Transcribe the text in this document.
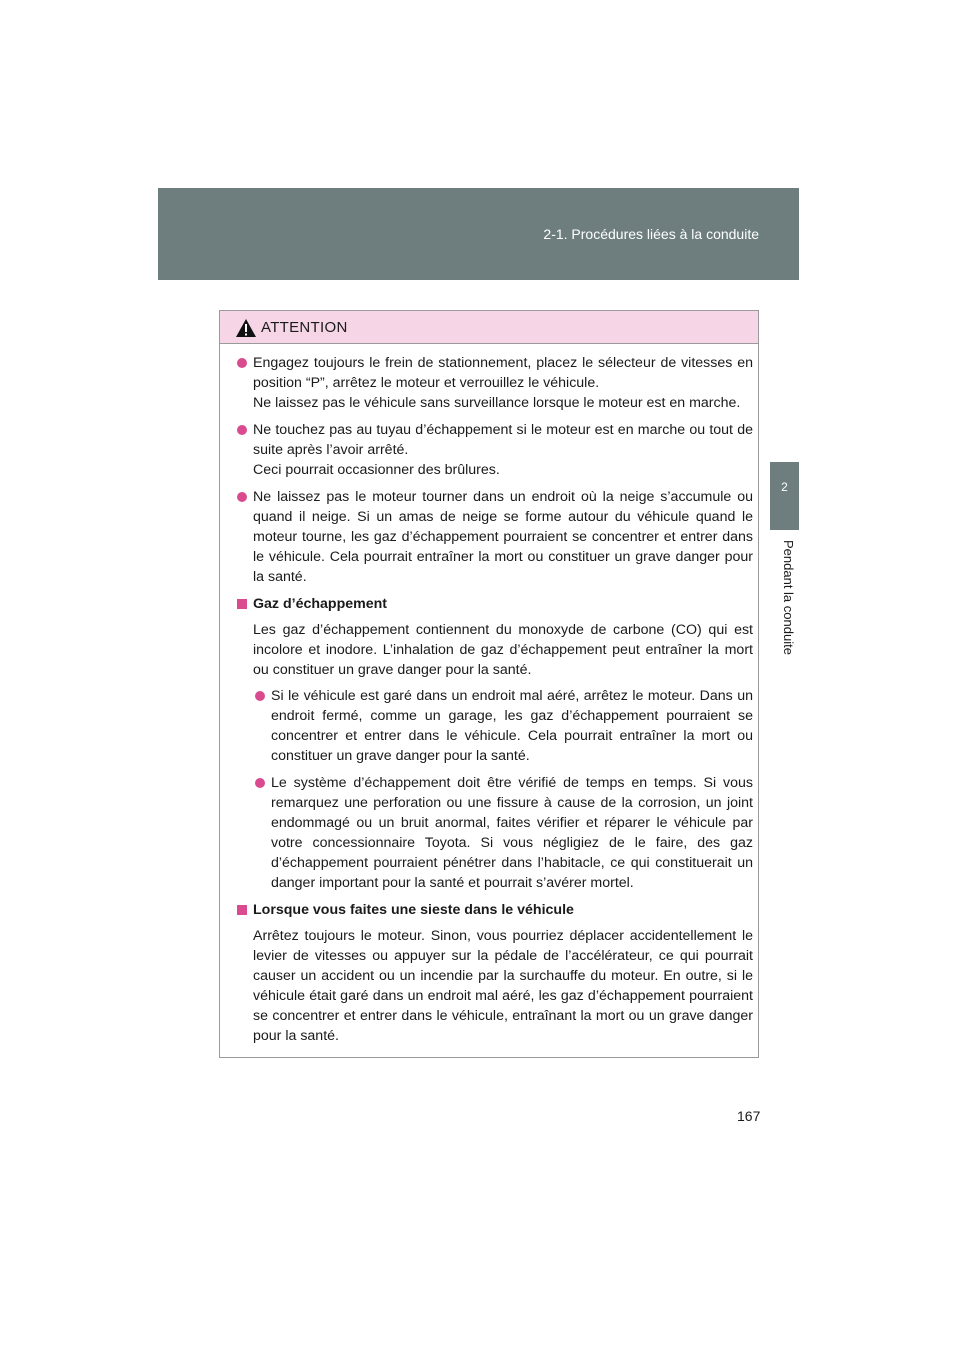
2-1. Procédures liées à la conduite
2
Pendant la conduite
ATTENTION

Engagez toujours le frein de stationnement, placez le sélecteur de vitesses en position “P”, arrêtez le moteur et verrouillez le véhicule.

Ne laissez pas le véhicule sans surveillance lorsque le moteur est en marche.

Ne touchez pas au tuyau d’échappement si le moteur est en marche ou tout de suite après l’avoir arrêté.

Ceci pourrait occasionner des brûlures.

Ne laissez pas le moteur tourner dans un endroit où la neige s’accumule ou quand il neige. Si un amas de neige se forme autour du véhicule quand le moteur tourne, les gaz d’échappement pourraient se concentrer et entrer dans le véhicule. Cela pourrait entraîner la mort ou constituer un grave danger pour la santé.

Gaz d’échappement

Les gaz d’échappement contiennent du monoxyde de carbone (CO) qui est incolore et inodore. L’inhalation de gaz d’échappement peut entraîner la mort ou constituer un grave danger pour la santé.

Si le véhicule est garé dans un endroit mal aéré, arrêtez le moteur. Dans un endroit fermé, comme un garage, les gaz d’échappement pourraient se concentrer et entrer dans le véhicule. Cela pourrait entraîner la mort ou constituer un grave danger pour la santé.

Le système d’échappement doit être vérifié de temps en temps. Si vous remarquez une perforation ou une fissure à cause de la corrosion, un joint endommagé ou un bruit anormal, faites vérifier et réparer le véhicule par votre concessionnaire Toyota. Si vous négligiez de le faire, des gaz d’échappement pourraient pénétrer dans l’habitacle, ce qui constituerait un danger important pour la santé et pourrait s’avérer mortel.

Lorsque vous faites une sieste dans le véhicule

Arrêtez toujours le moteur. Sinon, vous pourriez déplacer accidentellement le levier de vitesses ou appuyer sur la pédale de l’accélérateur, ce qui pourrait causer un accident ou un incendie par la surchauffe du moteur. En outre, si le véhicule était garé dans un endroit mal aéré, les gaz d’échappement pourraient se concentrer et entrer dans le véhicule, entraînant la mort ou un grave danger pour la santé.

167
